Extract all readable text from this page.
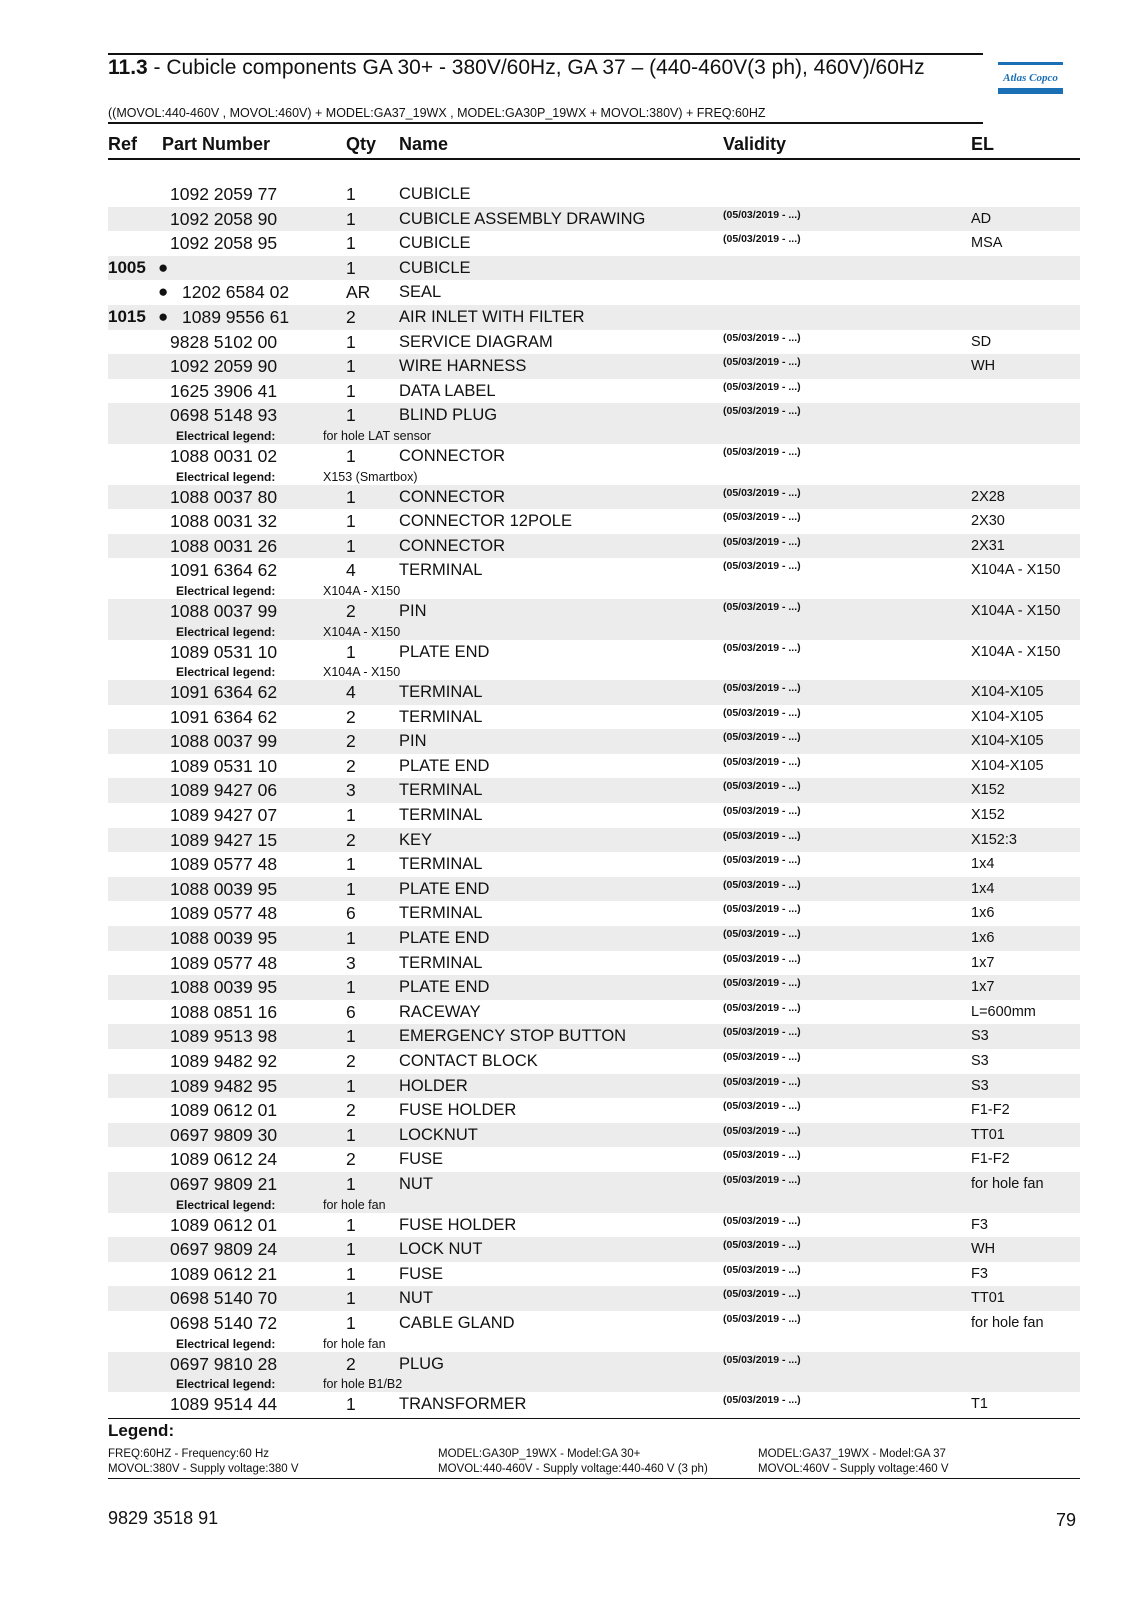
11.3 - Cubicle components GA 30+ - 380V/60Hz, GA 37 – (440-460V(3 ph), 460V)/60Hz
((MOVOL:440-460V , MOVOL:460V) + MODEL:GA37_19WX , MODEL:GA30P_19WX + MOVOL:380V) + FREQ:60HZ
Atlas Copco
Ref Part Number	Qty Name	Validity	EL
1092 2059 77	1	CUBICLE
1092 2058 90	1	CUBICLE ASSEMBLY DRAWING	(05/03/2019 - ...)	AD
1092 2058 95	1	CUBICLE	(05/03/2019 - ...)	MSA
1005 ●	1	CUBICLE
● 1202 6584 02	AR SEAL
1015 ● 1089 9556 61	2	AIR INLET WITH FILTER
9828 5102 00	1	SERVICE DIAGRAM	(05/03/2019 - ...)	SD
1092 2059 90	1	WIRE HARNESS	(05/03/2019 - ...)	WH
1625 3906 41	1	DATA LABEL	(05/03/2019 - ...)
0698 5148 93	1	BLIND PLUG	(05/03/2019 - ...)
Electrical legend:	for hole LAT sensor
1088 0031 02	1	CONNECTOR	(05/03/2019 - ...)
Electrical legend:	X153 (Smartbox)
1088 0037 80	1	CONNECTOR	(05/03/2019 - ...)	2X28
1088 0031 32	1	CONNECTOR 12POLE	(05/03/2019 - ...)	2X30
1088 0031 26	1	CONNECTOR	(05/03/2019 - ...)	2X31
1091 6364 62	4	TERMINAL	(05/03/2019 - ...)	X104A - X150
Electrical legend:	X104A - X150
1088 0037 99	2	PIN	(05/03/2019 - ...)	X104A - X150
Electrical legend:	X104A - X150
1089 0531 10	1	PLATE END	(05/03/2019 - ...)	X104A - X150
Electrical legend:	X104A - X150
1091 6364 62	4	TERMINAL	(05/03/2019 - ...)	X104-X105
1091 6364 62	2	TERMINAL	(05/03/2019 - ...)	X104-X105
1088 0037 99	2	PIN	(05/03/2019 - ...)	X104-X105
1089 0531 10	2	PLATE END	(05/03/2019 - ...)	X104-X105
1089 9427 06	3	TERMINAL	(05/03/2019 - ...)	X152
1089 9427 07	1	TERMINAL	(05/03/2019 - ...)	X152
1089 9427 15	2	KEY	(05/03/2019 - ...)	X152:3
1089 0577 48	1	TERMINAL	(05/03/2019 - ...)	1x4
1088 0039 95	1	PLATE END	(05/03/2019 - ...)	1x4
1089 0577 48	6	TERMINAL	(05/03/2019 - ...)	1x6
1088 0039 95	1	PLATE END	(05/03/2019 - ...)	1x6
1089 0577 48	3	TERMINAL	(05/03/2019 - ...)	1x7
1088 0039 95	1	PLATE END	(05/03/2019 - ...)	1x7
1088 0851 16	6	RACEWAY	(05/03/2019 - ...)	L=600mm
1089 9513 98	1	EMERGENCY STOP BUTTON	(05/03/2019 - ...)	S3
1089 9482 92	2	CONTACT BLOCK	(05/03/2019 - ...)	S3
1089 9482 95	1	HOLDER	(05/03/2019 - ...)	S3
1089 0612 01	2	FUSE HOLDER	(05/03/2019 - ...)	F1-F2
0697 9809 30	1	LOCKNUT	(05/03/2019 - ...)	TT01
1089 0612 24	2	FUSE	(05/03/2019 - ...)	F1-F2
0697 9809 21	1	NUT	(05/03/2019 - ...)	for hole fan
Electrical legend:	for hole fan
1089 0612 01	1	FUSE HOLDER	(05/03/2019 - ...)	F3
0697 9809 24	1	LOCK NUT	(05/03/2019 - ...)	WH
1089 0612 21	1	FUSE	(05/03/2019 - ...)	F3
0698 5140 70	1	NUT	(05/03/2019 - ...)	TT01
0698 5140 72	1	CABLE GLAND	(05/03/2019 - ...)	for hole fan
Electrical legend:	for hole fan
0697 9810 28	2	PLUG	(05/03/2019 - ...)
Electrical legend:	for hole B1/B2
1089 9514 44	1	TRANSFORMER	(05/03/2019 - ...)	T1
Legend:
FREQ:60HZ - Frequency:60 Hz
MOVOL:380V - Supply voltage:380 V
MODEL:GA30P_19WX - Model:GA 30+
MOVOL:440-460V - Supply voltage:440-460 V (3 ph)
MODEL:GA37_19WX - Model:GA 37
MOVOL:460V - Supply voltage:460 V
9829 3518 91	79
